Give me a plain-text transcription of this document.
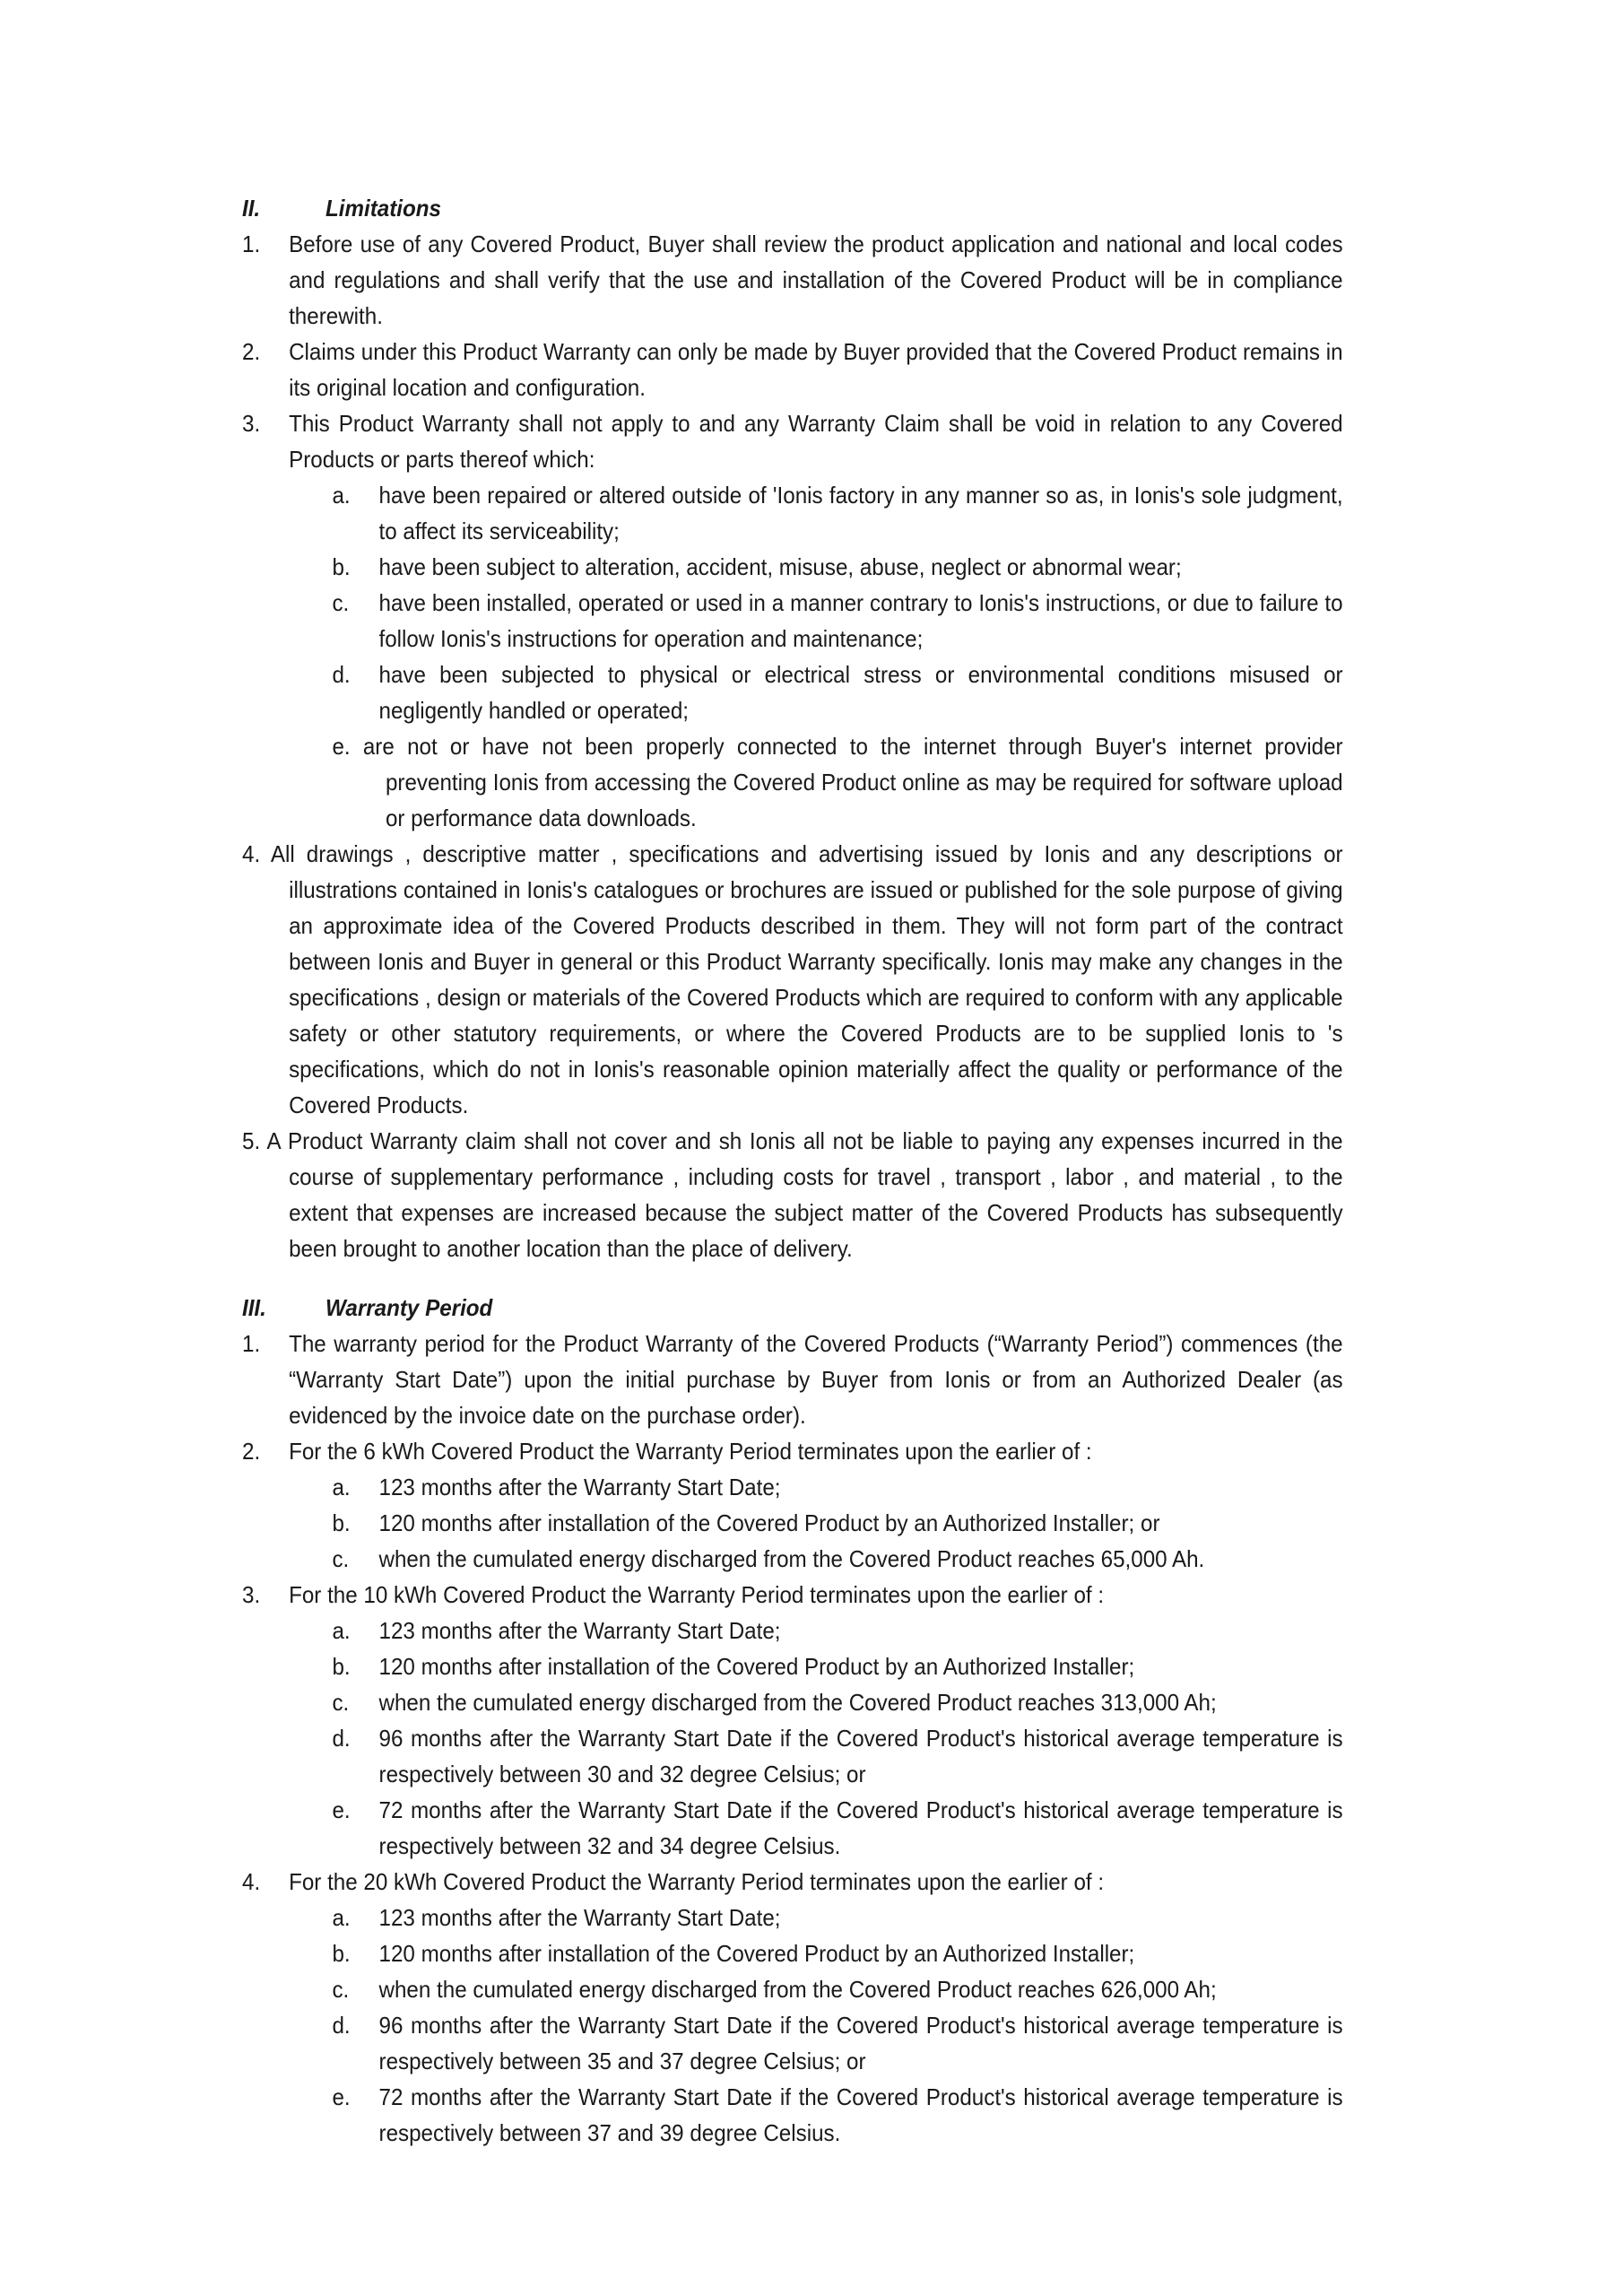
II.	Limitations
1.	Before use of any Covered Product, Buyer shall review the product application and national and local codes and regulations and shall verify that the use and installation of the Covered Product will be in compliance therewith.
2.	Claims under this Product Warranty can only be made by Buyer provided that the Covered Product remains in its original location and configuration.
3.	This Product Warranty shall not apply to and any Warranty Claim shall be void in relation to any Covered Products or parts thereof which:
a.	have been repaired or altered outside of 'Ionis factory in any manner so as, in Ionis's sole judgment, to affect its serviceability;
b.	have been subject to alteration, accident, misuse, abuse, neglect or abnormal wear;
c.	have been installed, operated or used in a manner contrary to Ionis's instructions, or due to failure to follow Ionis's instructions for operation and maintenance;
d.	have been subjected to physical or electrical stress or environmental conditions misused or negligently handled or operated;
e. are not or have not been properly connected to the internet through Buyer's internet provider preventing Ionis from accessing the Covered Product online as may be required for software upload or performance data downloads.
4. All drawings , descriptive matter , specifications and advertising issued by Ionis and any descriptions or illustrations contained in Ionis's catalogues or brochures are issued or published for the sole purpose of giving an approximate idea of the Covered Products described in them. They will not form part of the contract between Ionis and Buyer in general or this Product Warranty specifically. Ionis may make any changes in the specifications , design or materials of the Covered Products which are required to conform with any applicable safety or other statutory requirements, or where the Covered Products are to be supplied Ionis to 's specifications, which do not in Ionis's reasonable opinion materially affect the quality or performance of the Covered Products.
5. A Product Warranty claim shall not cover and sh Ionis all not be liable to paying any expenses incurred in the course of supplementary performance , including costs for travel , transport , labor , and material , to the extent that expenses are increased because the subject matter of the Covered Products has subsequently been brought to another location than the place of delivery.
III.	Warranty Period
1.	The warranty period for the Product Warranty of the Covered Products (“Warranty Period”) commences (the “Warranty Start Date”) upon the initial purchase by Buyer from Ionis or from an Authorized Dealer (as evidenced by the invoice date on the purchase order).
2.	For the 6 kWh Covered Product the Warranty Period terminates upon the earlier of :
a.	123 months after the Warranty Start Date;
b.	120 months after installation of the Covered Product by an Authorized Installer; or
c.	when the cumulated energy discharged from the Covered Product reaches 65,000 Ah.
3.	For the 10 kWh Covered Product the Warranty Period terminates upon the earlier of :
a.	123 months after the Warranty Start Date;
b.	120 months after installation of the Covered Product by an Authorized Installer;
c.	when the cumulated energy discharged from the Covered Product reaches 313,000 Ah;
d.	96 months after the Warranty Start Date if the Covered Product's historical average temperature is respectively between 30 and 32 degree Celsius; or
e.	72 months after the Warranty Start Date if the Covered Product's historical average temperature is respectively between 32 and 34 degree Celsius.
4.	For the 20 kWh Covered Product the Warranty Period terminates upon the earlier of :
a.	123 months after the Warranty Start Date;
b.	120 months after installation of the Covered Product by an Authorized Installer;
c.	when the cumulated energy discharged from the Covered Product reaches 626,000 Ah;
d.	96 months after the Warranty Start Date if the Covered Product's historical average temperature is respectively between 35 and 37 degree Celsius; or
e.	72 months after the Warranty Start Date if the Covered Product's historical average temperature is respectively between 37 and 39 degree Celsius.
